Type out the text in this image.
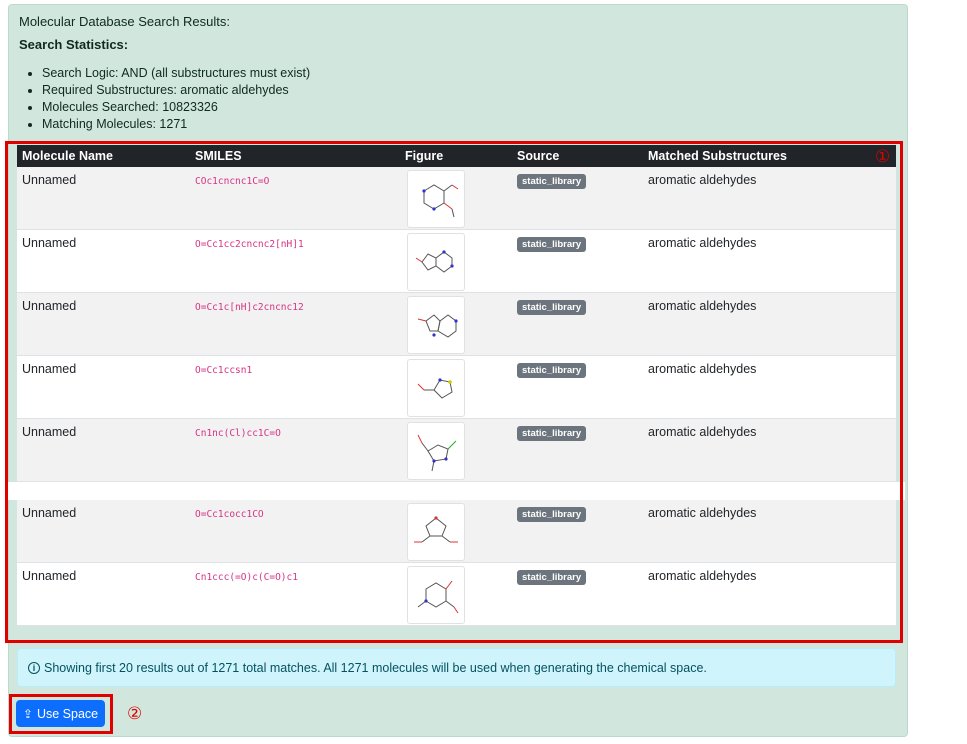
Molecular Database Search Results:
Search Statistics:
• Search Logic: AND (all substructures must exist)
• Required Substructures: aromatic aldehydes
• Molecules Searched: 10823326
• Matching Molecules: 1271
Molecule Name	SMILES	Figure	Source	Matched Substructures
Unnamed	COc1cncnc1C=O	static_library	aromatic aldehydes
Unnamed	O=Cc1cc2cncnc2[nH]1	static_library	aromatic aldehydes
Unnamed	O=Cc1c[nH]c2cncnc12	static_library	aromatic aldehydes
Unnamed	O=Cc1ccsn1	static_library	aromatic aldehydes
Unnamed	Cn1nc(Cl)cc1C=O	static_library	aromatic aldehydes
Unnamed	O=Cc1cocc1CO	static_library	aromatic aldehydes
Unnamed	Cn1ccc(=O)c(C=O)c1	static_library	aromatic aldehydes
i Showing first 20 results out of 1271 total matches. All 1271 molecules will be used when generating the chemical space.
⇪ Use Space
①
②
